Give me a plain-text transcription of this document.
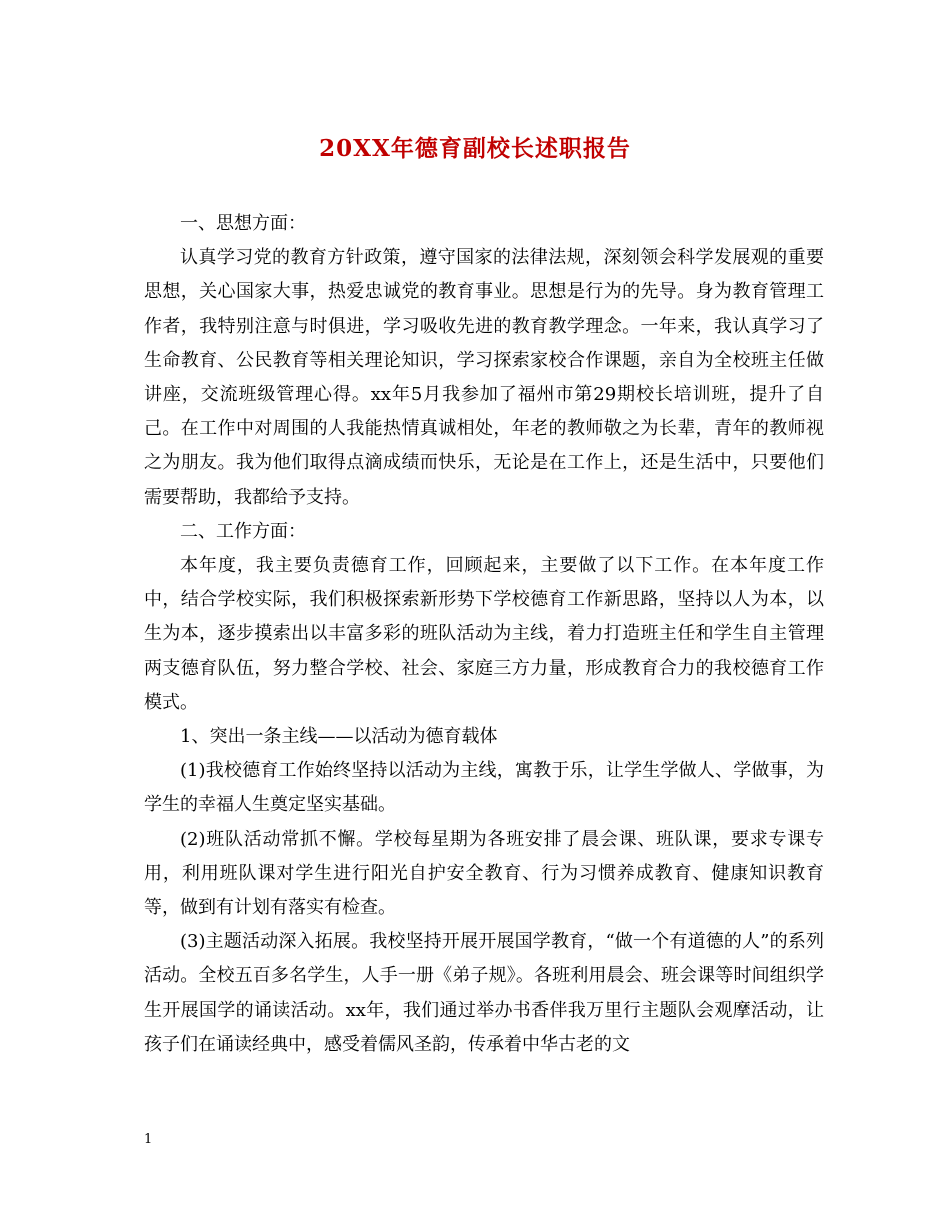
20XX年德育副校长述职报告

一、思想方面：

认真学习党的教育方针政策，遵守国家的法律法规，深刻领会科学发展观的重要思想，关心国家大事，热爱忠诚党的教育事业。思想是行为的先导。身为教育管理工作者，我特别注意与时俱进，学习吸收先进的教育教学理念。一年来，我认真学习了生命教育、公民教育等相关理论知识，学习探索家校合作课题，亲自为全校班主任做讲座，交流班级管理心得。xx年5月我参加了福州市第29期校长培训班，提升了自己。在工作中对周围的人我能热情真诚相处，年老的教师敬之为长辈，青年的教师视之为朋友。我为他们取得点滴成绩而快乐，无论是在工作上，还是生活中，只要他们需要帮助，我都给予支持。

二、工作方面：

本年度，我主要负责德育工作，回顾起来，主要做了以下工作。在本年度工作中，结合学校实际，我们积极探索新形势下学校德育工作新思路，坚持以人为本，以生为本，逐步摸索出以丰富多彩的班队活动为主线，着力打造班主任和学生自主管理两支德育队伍，努力整合学校、社会、家庭三方力量，形成教育合力的我校德育工作模式。

1、突出一条主线——以活动为德育载体

(1)我校德育工作始终坚持以活动为主线，寓教于乐，让学生学做人、学做事，为学生的幸福人生奠定坚实基础。

(2)班队活动常抓不懈。学校每星期为各班安排了晨会课、班队课，要求专课专用，利用班队课对学生进行阳光自护安全教育、行为习惯养成教育、健康知识教育等，做到有计划有落实有检查。

(3)主题活动深入拓展。我校坚持开展开展国学教育，“做一个有道德的人”的系列活动。全校五百多名学生，人手一册《弟子规》。各班利用晨会、班会课等时间组织学生开展国学的诵读活动。xx年，我们通过举办书香伴我万里行主题队会观摩活动，让孩子们在诵读经典中，感受着儒风圣韵，传承着中华古老的文

1
